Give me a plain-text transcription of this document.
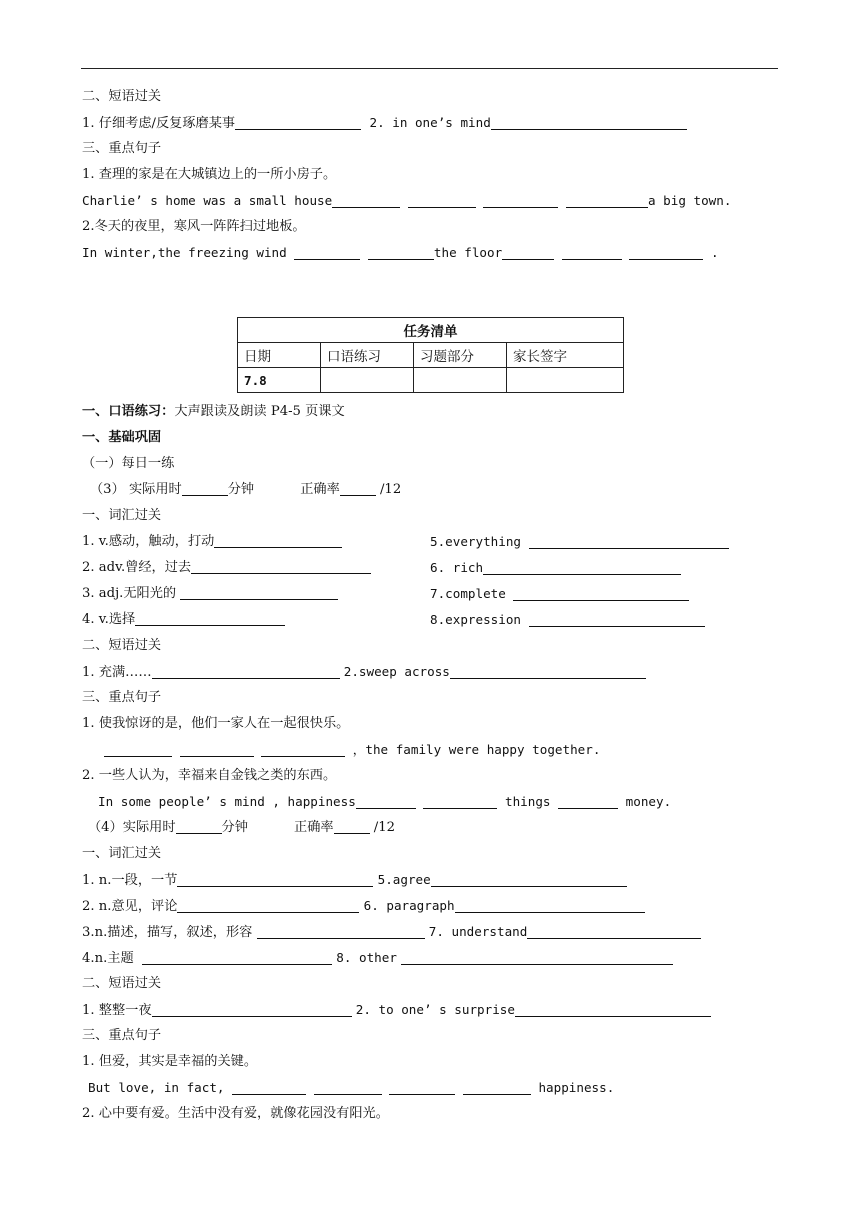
二、短语过关
1. 仔细考虑/反复琢磨某事	2. in one’s mind
三、重点句子
1. 查理的家是在大城镇边上的一所小房子。
Charlie’ s home was a small house	a big town.
2.冬天的夜里，寒风一阵阵扫过地板。
In winter,the freezing wind	the floor	.
任务清单			
日期	口语练习	习题部分	家长签字
7.8			
一、口语练习：大声跟读及朗读 P4-5 页课文
一、基础巩固
（一）每日一练
（3） 实际用时	分钟	正确率	/12
一、词汇过关
1. v.感动，触动，打动	5.everything
2. adv.曾经，过去	6. rich
3. adj.无阳光的	7.complete
4. v.选择	8.expression
二、短语过关
1. 充满……	2.sweep across
三、重点句子
1. 使我惊讶的是，他们一家人在一起很快乐。
，the family were happy together.
2. 一些人认为，幸福来自金钱之类的东西。
In some people’ s mind , happiness	things	money.
（4）实际用时	分钟	正确率	/12
一、词汇过关
1. n.一段，一节	5.agree
2. n.意见，评论	6. paragraph
3.n.描述，描写，叙述，形容	7. understand
4.n.主题	8. other
二、短语过关
1. 整整一夜	2. to one’ s surprise
三、重点句子
1. 但爱，其实是幸福的关键。
But love, in fact,	happiness.
2. 心中要有爱。生活中没有爱，就像花园没有阳光。
